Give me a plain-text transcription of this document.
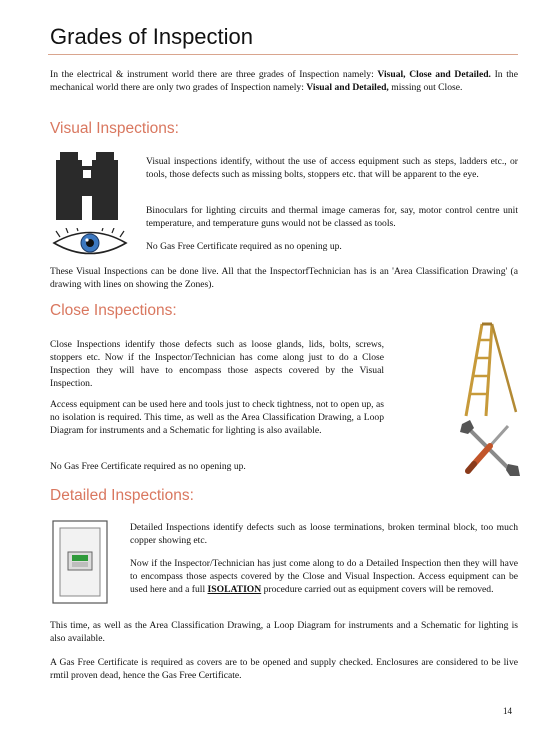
Grades of Inspection

In the electrical & instrument world there are three grades of Inspection namely: Visual, Close and Detailed. In the mechanical world there are only two grades of Inspection namely: Visual and Detailed, missing out Close.

Visual Inspections:

Visual inspections identify, without the use of access equipment such as steps, ladders etc., or tools, those defects such as missing bolts, stoppers etc. that will be apparent to the eye.

Binoculars for lighting circuits and thermal image cameras for, say, motor control centre unit temperature, and temperature guns would not be classed as tools.

No Gas Free Certificate required as no opening up.

These Visual Inspections can be done live. All that the InspectorfTechnician has is an 'Area Classification Drawing' (a drawing with lines on showing the Zones).

Close Inspections:

Close Inspections identify those defects such as loose glands, lids, bolts, screws, stoppers etc. Now if the Inspector/Technician has come along just to do a Close Inspection they will have to encompass those aspects covered by the Visual Inspection.

Access equipment can be used here and tools just to check tightness, not to open up, as no isolation is required. This time, as well as the Area Classification Drawing, a Loop Diagram for instruments and a Schematic for lighting is also available.

No Gas Free Certificate required as no opening up.

Detailed Inspections:

Detailed Inspections identify defects such as loose terminations, broken terminal block, too much copper showing etc.

Now if the Inspector/Technician has just come along to do a Detailed Inspection then they will have to encompass those aspects covered by the Close and Visual Inspection. Access equipment can be used here and a full ISOLATION procedure carried out as equipment covers will be removed.

This time, as well as the Area Classification Drawing, a Loop Diagram for instruments and a Schematic for lighting is also available.

A Gas Free Certificate is required as covers are to be opened and supply checked. Enclosures are considered to be live rmtil proven dead, hence the Gas Free Certificate.

14
